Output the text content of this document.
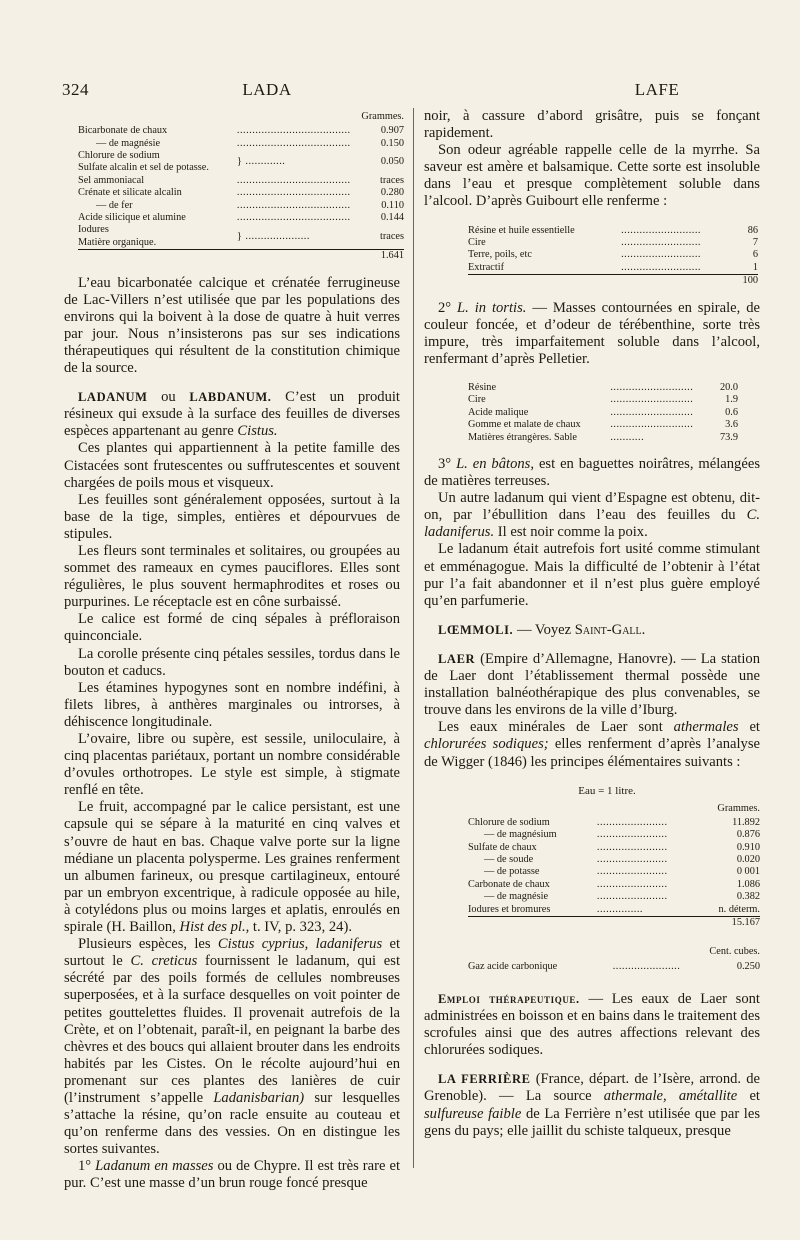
324	LADA	LAFE
Grammes.
Bicarbonate de chaux	.....................................	0.907
— de magnésie	.....................................	0.150
Chlorure de sodium	} .............	0.050
Sulfate alcalin et sel de potasse.		
Sel ammoniacal	.....................................	traces
Crénate et silicate alcalin	.....................................	0.280
— de fer	.....................................	0.110
Acide silicique et alumine	.....................................	0.144
Iodures	} .....................	traces
Matière organique.		
		1.641

L’eau bicarbonatée calcique et crénatée ferrugineuse de Lac-Villers n’est utilisée que par les populations des environs qui la boivent à la dose de quatre à huit verres par jour. Nous n’insisterons pas sur ses indications thérapeutiques qui résultent de la constitution chimique de la source.

LADANUM ou LABDANUM. C’est un produit résineux qui exsude à la surface des feuilles de diverses espèces appartenant au genre Cistus.

Ces plantes qui appartiennent à la petite famille des Cistacées sont frutescentes ou suffrutescentes et souvent chargées de poils mous et visqueux.

Les feuilles sont généralement opposées, surtout à la base de la tige, simples, entières et dépourvues de stipules.

Les fleurs sont terminales et solitaires, ou groupées au sommet des rameaux en cymes pauciflores. Elles sont régulières, le plus souvent hermaphrodites et roses ou purpurines. Le réceptacle est en cône surbaissé.

Le calice est formé de cinq sépales à préfloraison quinconciale.

La corolle présente cinq pétales sessiles, tordus dans le bouton et caducs.

Les étamines hypogynes sont en nombre indéfini, à filets libres, à anthères marginales ou introrses, à déhiscence longitudinale.

L’ovaire, libre ou supère, est sessile, uniloculaire, à cinq placentas pariétaux, portant un nombre considérable d’ovules orthotropes. Le style est simple, à stigmate renflé en tête.

Le fruit, accompagné par le calice persistant, est une capsule qui se sépare à la maturité en cinq valves et s’ouvre de haut en bas. Chaque valve porte sur la ligne médiane un placenta polysperme. Les graines renferment un albumen farineux, ou presque cartilagineux, entouré par un embryon excentrique, à radicule opposée au hile, à cotylédons plus ou moins larges et aplatis, enroulés en spirale (H. Baillon, Hist des pl., t. IV, p. 323, 24).

Plusieurs espèces, les Cistus cyprius, ladaniferus et surtout le C. creticus fournissent le ladanum, qui est sécrété par des poils formés de cellules nombreuses superposées, et à la surface desquelles on voit pointer de petites gouttelettes fluides. Il provenait autrefois de la Crète, et on l’obtenait, paraît-il, en peignant la barbe des chèvres et des boucs qui allaient brouter dans les endroits habités par les Cistes. On le récolte aujourd’hui en promenant sur ces plantes des lanières de cuir (l’instrument s’appelle Ladanisbarian) sur lesquelles s’attache la résine, qu’on racle ensuite au couteau et qu’on renferme dans des vessies. On en distingue les sortes suivantes.

1° Ladanum en masses ou de Chypre. Il est très rare et pur. C’est une masse d’un brun rouge foncé presque

noir, à cassure d’abord grisâtre, puis se fonçant rapidement.

Son odeur agréable rappelle celle de la myrrhe. Sa saveur est amère et balsamique. Cette sorte est insoluble dans l’eau et presque complètement soluble dans l’alcool. D’après Guibourt elle renferme :

Résine et huile essentielle	..........................	86
Cire	..........................	7
Terre, poils, etc	..........................	6
Extractif	..........................	1
		100

2° L. in tortis. — Masses contournées en spirale, de couleur foncée, et d’odeur de térébenthine, sorte très impure, très imparfaitement soluble dans l’alcool, renfermant d’après Pelletier.

Résine	...........................	20.0
Cire	...........................	1.9
Acide malique	...........................	0.6
Gomme et malate de chaux	...........................	3.6
Matières étrangères. Sable	...........	73.9

3° L. en bâtons, est en baguettes noirâtres, mélangées de matières terreuses.

Un autre ladanum qui vient d’Espagne est obtenu, dit-on, par l’ébullition dans l’eau des feuilles du C. ladaniferus. Il est noir comme la poix.

Le ladanum était autrefois fort usité comme stimulant et emménagogue. Mais la difficulté de l’obtenir à l’état pur l’a fait abandonner et il n’est plus guère employé qu’en parfumerie.

LŒMMOLI. — Voyez Saint-Gall.

LAER (Empire d’Allemagne, Hanovre). — La station de Laer dont l’établissement thermal possède une installation balnéothérapique des plus convenables, se trouve dans les environs de la ville d’Iburg.

Les eaux minérales de Laer sont athermales et chlorurées sodiques; elles renferment d’après l’analyse de Wigger (1846) les principes élémentaires suivants :

Eau = 1 litre.
Grammes.
Chlorure de sodium	.......................	11.892
— de magnésium	.......................	0.876
Sulfate de chaux	.......................	0.910
— de soude	.......................	0.020
— de potasse	.......................	0 001
Carbonate de chaux	.......................	1.086
— de magnésie	.......................	0.382
Iodures et bromures	...............	n. déterm.
		15.167
Cent. cubes.
Gaz acide carbonique	......................	0.250

Emploi thérapeutique. — Les eaux de Laer sont administrées en boisson et en bains dans le traitement des scrofules ainsi que des autres affections relevant des chlorurées sodiques.

LA FERRIÈRE (France, départ. de l’Isère, arrond. de Grenoble). — La source athermale, amétallite et sulfureuse faible de La Ferrière n’est utilisée que par les gens du pays; elle jaillit du schiste talqueux, presque
